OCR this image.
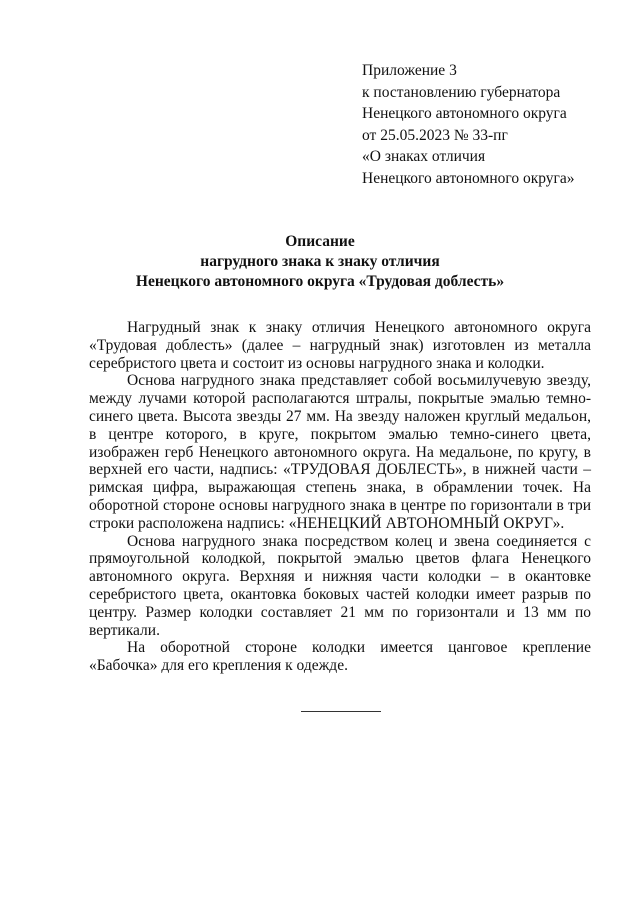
Приложение 3
к постановлению губернатора
Ненецкого автономного округа
от 25.05.2023 № 33-пг
«О знаках отличия
Ненецкого автономного округа»
Описание
нагрудного знака к знаку отличия
Ненецкого автономного округа «Трудовая доблесть»

Нагрудный знак к знаку отличия Ненецкого автономного округа «Трудовая доблесть» (далее – нагрудный знак) изготовлен из металла серебристого цвета и состоит из основы нагрудного знака и колодки.

Основа нагрудного знака представляет собой восьмилучевую звезду, между лучами которой располагаются штралы, покрытые эмалью темно-синего цвета. Высота звезды 27 мм. На звезду наложен круглый медальон, в центре которого, в круге, покрытом эмалью темно-синего цвета, изображен герб Ненецкого автономного округа. На медальоне, по кругу, в верхней его части, надпись: «ТРУДОВАЯ ДОБЛЕСТЬ», в нижней части – римская цифра, выражающая степень знака, в обрамлении точек. На оборотной стороне основы нагрудного знака в центре по горизонтали в три строки расположена надпись: «НЕНЕЦКИЙ АВТОНОМНЫЙ ОКРУГ».

Основа нагрудного знака посредством колец и звена соединяется с прямоугольной колодкой, покрытой эмалью цветов флага Ненецкого автономного округа. Верхняя и нижняя части колодки – в окантовке серебристого цвета, окантовка боковых частей колодки имеет разрыв по центру. Размер колодки составляет 21 мм по горизонтали и 13 мм по вертикали.

На оборотной стороне колодки имеется цанговое крепление «Бабочка» для его крепления к одежде.
